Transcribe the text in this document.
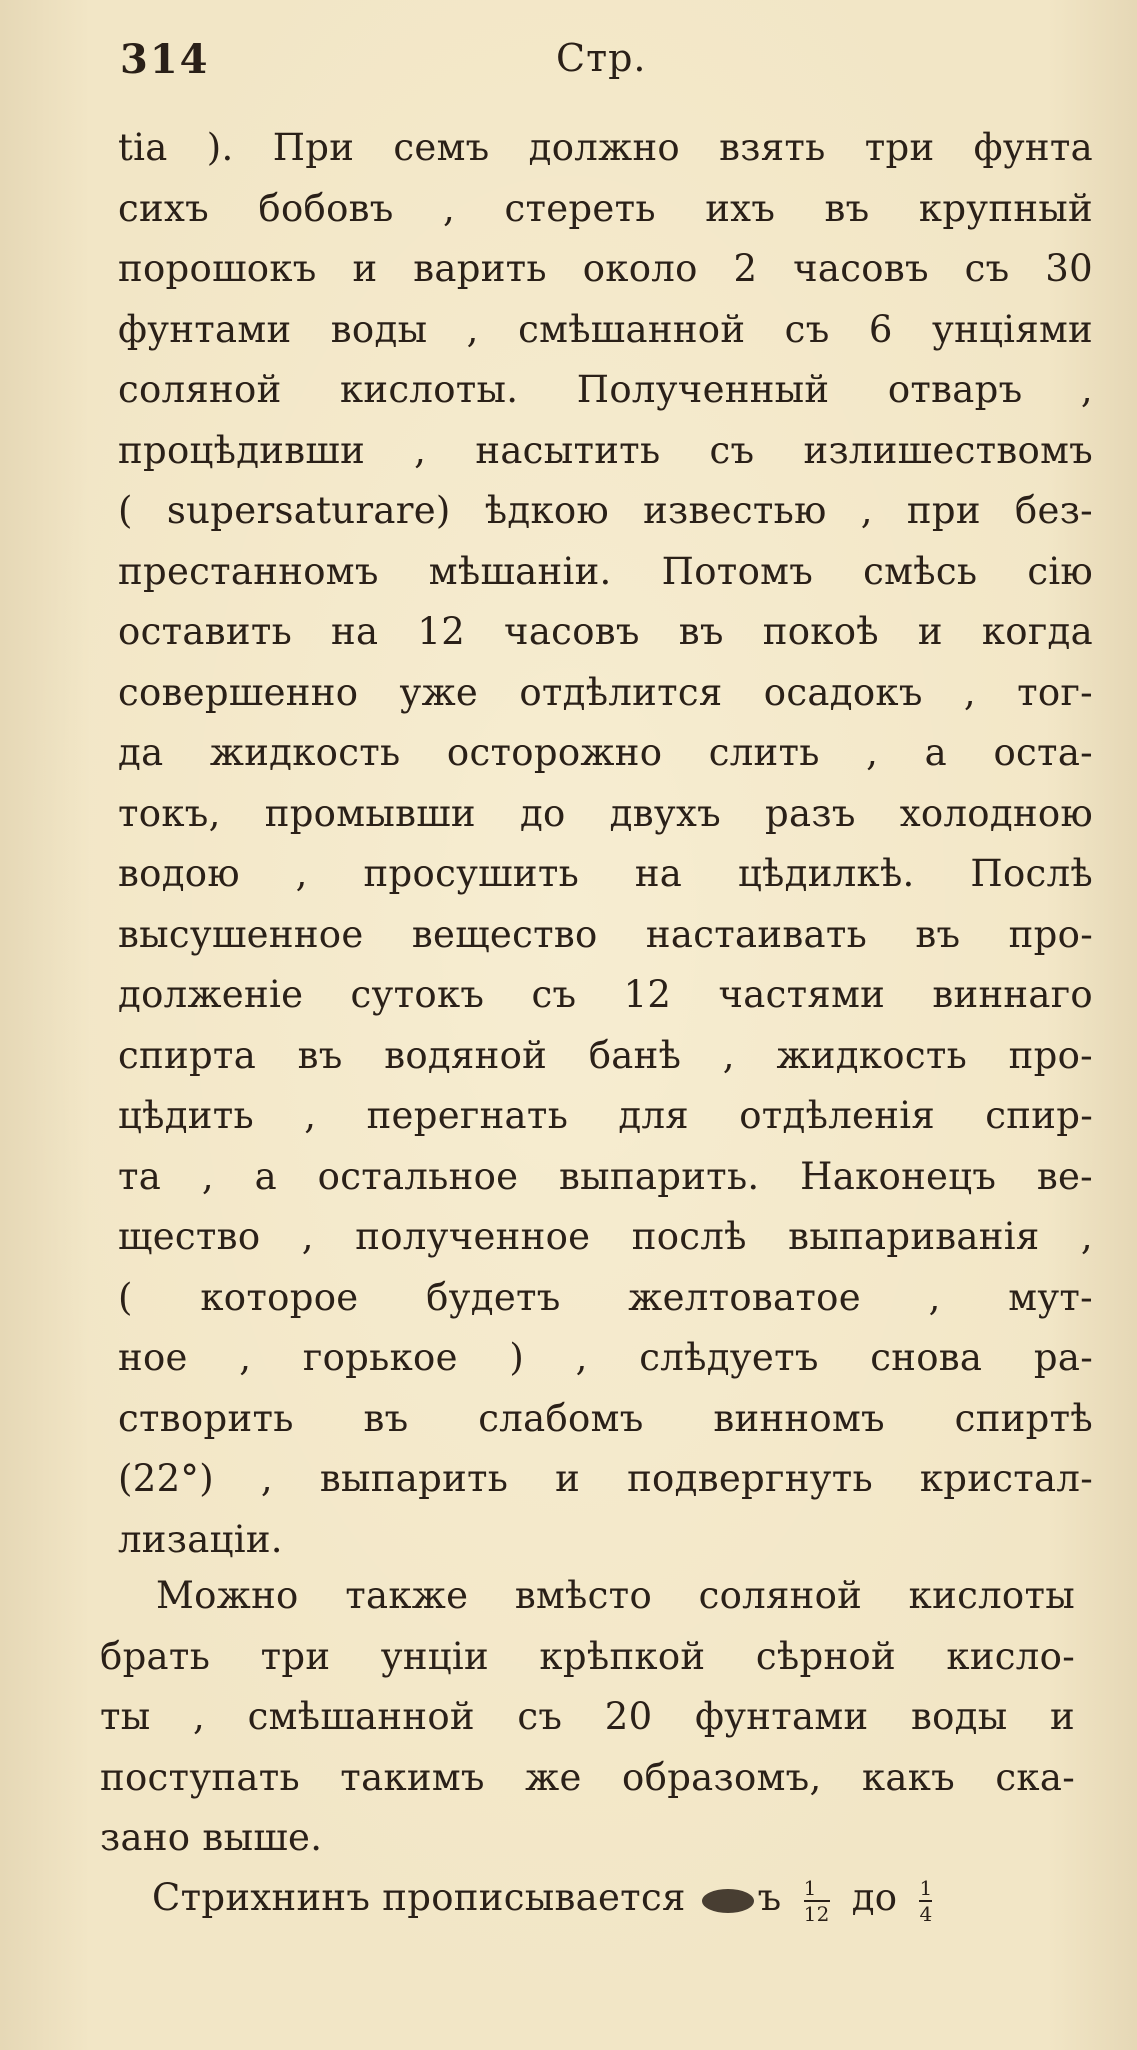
314	Стр.
tia ). При семъ должно взять три фунта
сихъ бобовъ , стереть ихъ въ крупный
порошокъ и варить около 2 часовъ съ 30
фунтами воды , смѣшанной съ 6 унціями
соляной кислоты. Полученный отваръ ,
процѣдивши , насытить съ излишествомъ
( supersaturare) ѣдкою известью , при без-
престанномъ мѣшаніи. Потомъ смѣсь сію
оставить на 12 часовъ въ покоѣ и когда
совершенно уже отдѣлится осадокъ , тог-
да жидкость осторожно слить , а оста-
токъ, промывши до двухъ разъ холодною
водою , просушить на цѣдилкѣ. Послѣ
высушенное вещество настаивать въ про-
долженіе сутокъ съ 12 частями виннаго
спирта въ водяной банѣ , жидкость про-
цѣдить , перегнать для отдѣленія спир-
та , а остальное выпарить. Наконецъ ве-
щество , полученное послѣ выпариванія ,
( которое будетъ желтоватое , мут-
ное , горькое ) , слѣдуетъ снова ра-
створить въ слабомъ винномъ спиртѣ
(22°) , выпарить и подвергнуть кристал-
лизаціи.
Можно также вмѣсто соляной кислоты
брать три унціи крѣпкой сѣрной кисло-
ты , смѣшанной съ 20 фунтами воды и
поступать такимъ же образомъ, какъ ска-
зано выше.
Стрихнинъ прописывается ъ $\frac{1}{12}$ до $\frac{1}{4}$
